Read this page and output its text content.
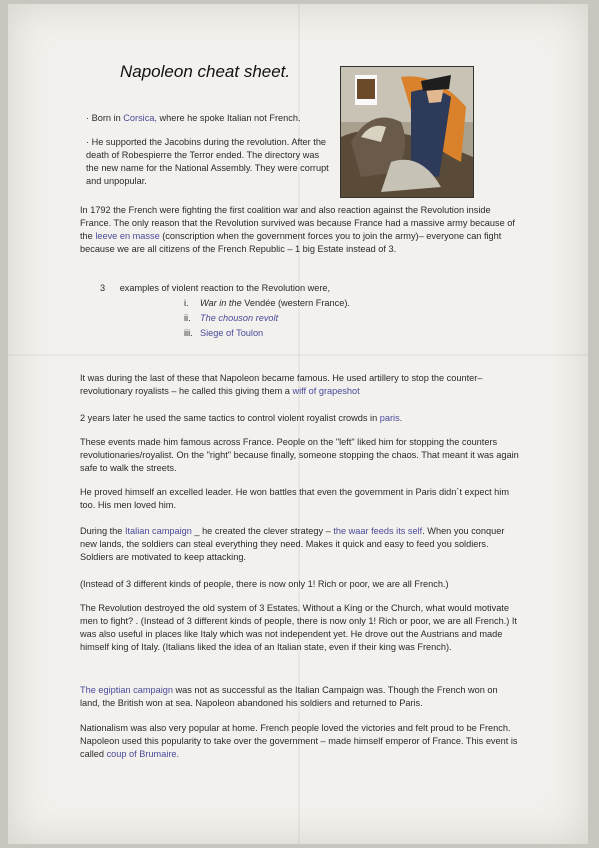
Napoleon cheat sheet.

· Born in Corsica, where he spoke Italian not French.

· He supported the Jacobins during the revolution. After the death of Robespierre the Terror ended. The directory was the new name for the National Assembly. They were corrupt and unpopular.

In 1792 the French were fighting the first coalition war and also reaction against the Revolution inside France. The only reason that the Revolution survived was because France had a massive army because of the leeve en masse (conscription when the government forces you to join the army)– everyone can fight because we are all citizens of the French Republic – 1 big Estate instead of 3.

3 examples of violent reaction to the Revolution were,
i. War in the Vendée (western France).
ii. The chouson revolt
iii. Siege of Toulon

It was during the last of these that Napoleon became famous. He used artillery to stop the counter–revolutionary royalists – he called this giving them a wiff of grapeshot

2 years later he used the same tactics to control violent royalist crowds in paris.

These events made him famous across France. People on the "left" liked him for stopping the counters revolutionaries/royalist. On the "right" because finally, someone stopping the chaos. That meant it was again safe to walk the streets.

He proved himself an excelled leader. He won battles that even the government in Paris didn´t expect him too. His men loved him.

During the Italian campaign _ he created the clever strategy – the waar feeds its self. When you conquer new lands, the soldiers can steal everything they need. Makes it quick and easy to feed you soldiers. Soldiers are motivated to keep attacking.

(Instead of 3 different kinds of people, there is now only 1! Rich or poor, we are all French.)

The Revolution destroyed the old system of 3 Estates. Without a King or the Church, what would motivate men to fight? . (Instead of 3 different kinds of people, there is now only 1! Rich or poor, we are all French.) It was also useful in places like Italy which was not independent yet. He drove out the Austrians and made himself king of Italy. (Italians liked the idea of an Italian state, even if their king was French).

The egiptian campaign was not as successful as the Italian Campaign was. Though the French won on land, the British won at sea. Napoleon abandoned his soldiers and returned to Paris.

Nationalism was also very popular at home. French people loved the victories and felt proud to be French. Napoleon used this popularity to take over the government – made himself emperor of France. This event is called coup of Brumaire.
